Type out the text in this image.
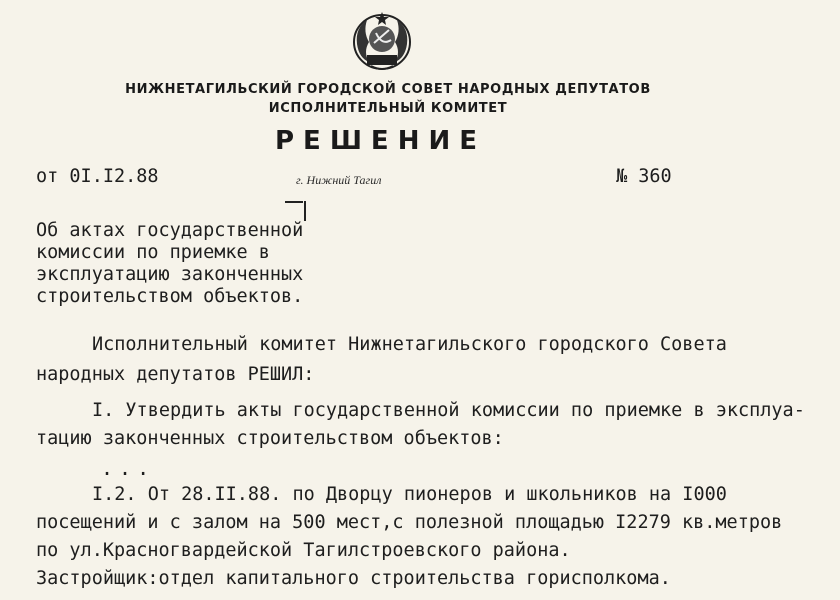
НИЖНЕТАГИЛЬСКИЙ ГОРОДСКОЙ СОВЕТ НАРОДНЫХ ДЕПУТАТОВ
ИСПОЛНИТЕЛЬНЫЙ КОМИТЕТ
РЕШЕНИЕ
от 0I.I2.88	г. Нижний Тагил	№ 360
Об актах государственной
комиссии по приемке в
эксплуатацию законченных
строительством объектов.
Исполнительный комитет Нижнетагильского городского Совета
народных депутатов РЕШИЛ:
I. Утвердить акты государственной комиссии по приемке в эксплуа-
тацию законченных строительством объектов:
...
I.2. От 28.II.88. по Дворцу пионеров и школьников на I000
посещений и с залом на 500 мест,с полезной площадью I2279 кв.метров
по ул.Красногвардейской Тагилстроевского района.
Застройщик:отдел капитального строительства горисполкома.
